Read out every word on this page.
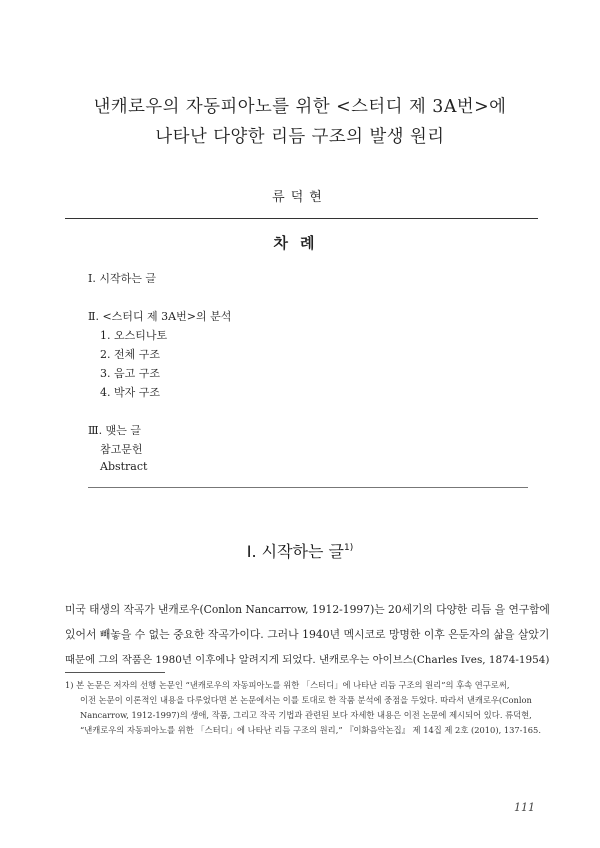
낸캐로우의 자동피아노를 위한 <스터디 제 3A번>에
나타난 다양한 리듬 구조의 발생 원리
류덕현
차례
Ⅰ. 시작하는 글
Ⅱ. <스터디 제 3A번>의 분석
1. 오스티나토
2. 전체 구조
3. 음고 구조
4. 박자 구조
Ⅲ. 맺는 글
참고문헌
Abstract
Ⅰ. 시작하는 글$^{1)}$
미국 태생의 작곡가 낸캐로우(Conlon Nancarrow, 1912-1997)는 20세기의 다양한 리듬 을 연구함에
있어서 빼놓을 수 없는 중요한 작곡가이다. 그러나 1940년 멕시코로 망명한 이후 은둔자의 삶을 살았기
때문에 그의 작품은 1980년 이후에나 알려지게 되었다. 낸캐로우는 아이브스(Charles Ives, 1874-1954)
1) 본 논문은 저자의 선행 논문인 “낸캐로우의 자동피아노를 위한 「스터디」에 나타난 리듬 구조의 원리”의 후속 연구로써,
이전 논문이 이론적인 내용을 다루었다면 본 논문에서는 이를 토대로 한 작품 분석에 중점을 두었다. 따라서 낸캐로우(Conlon
Nancarrow, 1912-1997)의 생애, 작품, 그리고 작곡 기법과 관련된 보다 자세한 내용은 이전 논문에 제시되어 있다. 류덕현,
“낸캐로우의 자동피아노를 위한 「스터디」에 나타난 리듬 구조의 원리,” 『이화음악논집』 제 14집 제 2호 (2010), 137-165.
111
